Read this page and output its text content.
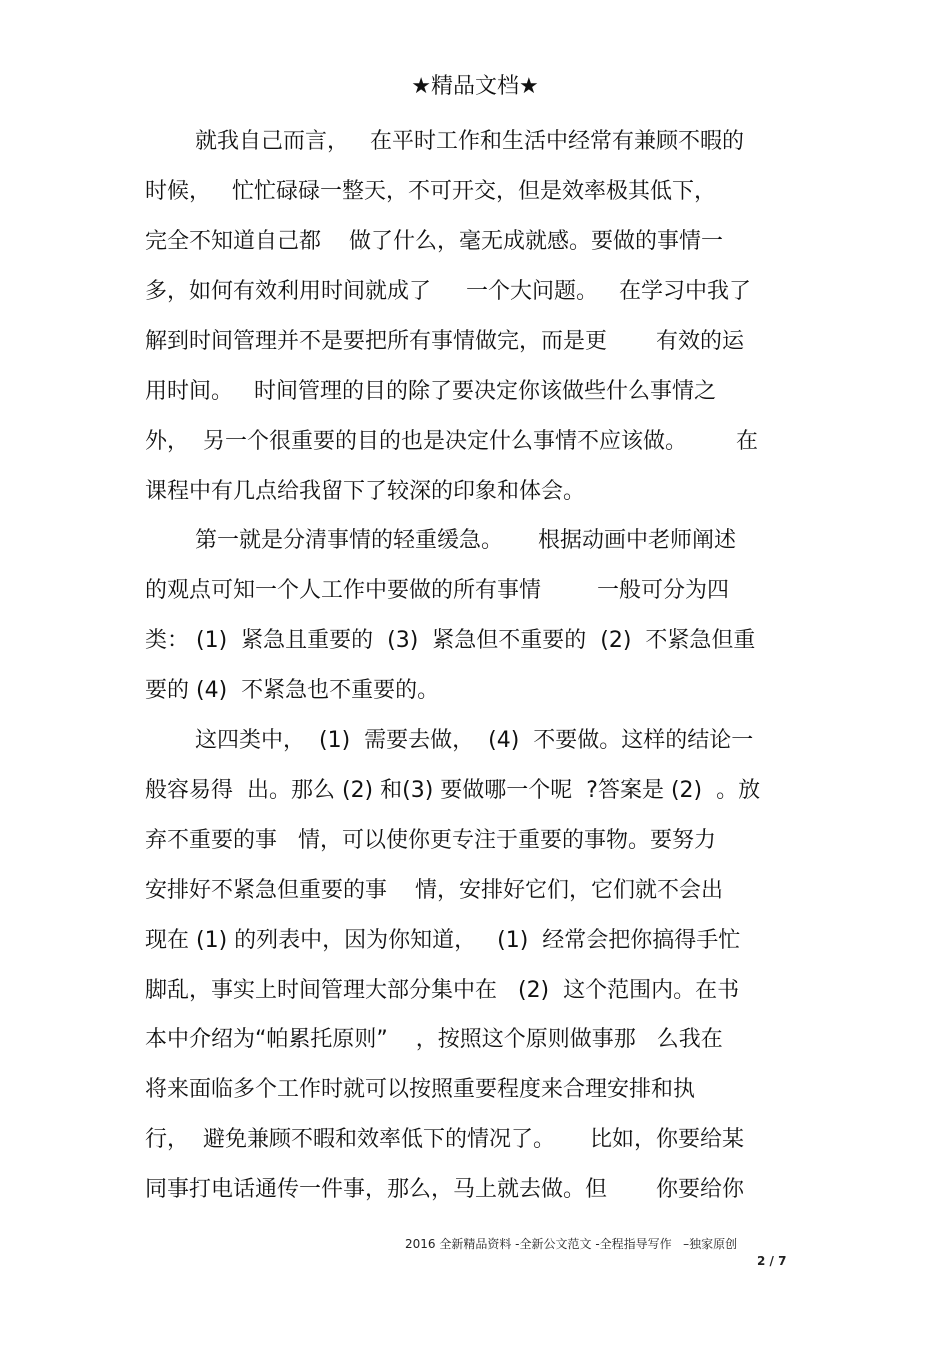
★精品文档★
就我自己而言，   在平时工作和生活中经常有兼顾不暇的
时候，   忙忙碌碌一整天，不可开交，但是效率极其低下，
完全不知道自己都    做了什么，毫无成就感。要做的事情一
多，如何有效利用时间就成了     一个大问题。   在学习中我了
解到时间管理并不是要把所有事情做完，而是更       有效的运
用时间。   时间管理的目的除了要决定你该做些什么事情之
外，  另一个很重要的目的也是决定什么事情不应该做。       在
课程中有几点给我留下了较深的印象和体会。
第一就是分清事情的轻重缓急。     根据动画中老师阐述
的观点可知一个人工作中要做的所有事情        一般可分为四
类： (1)  紧急且重要的  (3)  紧急但不重要的  (2)  不紧急但重
要的 (4)  不紧急也不重要的。
这四类中，  (1)  需要去做，  (4)  不要做。这样的结论一
般容易得  出。那么 (2) 和(3) 要做哪一个呢  ?答案是 (2)  。放
弃不重要的事   情，可以使你更专注于重要的事物。要努力
安排好不紧急但重要的事    情，安排好它们，它们就不会出
现在 (1) 的列表中，因为你知道，   (1)  经常会把你搞得手忙
脚乱，事实上时间管理大部分集中在   (2)  这个范围内。在书
本中介绍为“帕累托原则”    ，按照这个原则做事那   么我在
将来面临多个工作时就可以按照重要程度来合理安排和执
行，  避免兼顾不暇和效率低下的情况了。     比如，你要给某
同事打电话通传一件事，那么，马上就去做。但       你要给你
2016 全新精品资料 -全新公文范文 -全程指导写作   –独家原创
2 / 7
